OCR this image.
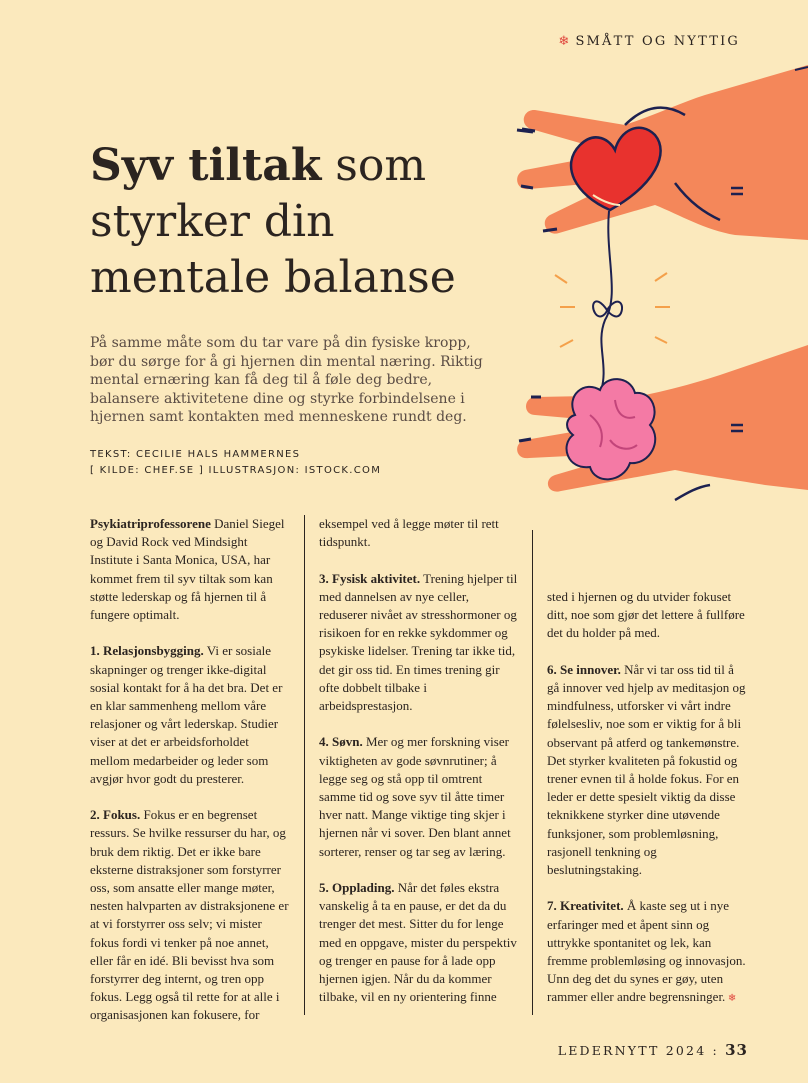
❄ SMÅTT OG NYTTIG
Syv tiltak som styrker din mentale balanse

På samme måte som du tar vare på din fysiske kropp, bør du sørge for å gi hjernen din mental næring. Riktig mental ernæring kan få deg til å føle deg bedre, balansere aktivitetene dine og styrke forbindelsene i hjernen samt kontakten med menneskene rundt deg.

TEKST: CECILIE HALS HAMMERNES
[ KILDE: CHEF.SE ] ILLUSTRASJON: ISTOCK.COM

Psykiatriprofessorene Daniel Siegel og David Rock ved Mindsight Institute i Santa Monica, USA, har kommet frem til syv tiltak som kan støtte lederskap og få hjernen til å fungere optimalt.

1. Relasjonsbygging. Vi er sosiale skapninger og trenger ikke-digital sosial kontakt for å ha det bra. Det er en klar sammenheng mellom våre relasjoner og vårt lederskap. Studier viser at det er arbeidsforholdet mellom medarbeider og leder som avgjør hvor godt du presterer.

2. Fokus. Fokus er en begrenset ressurs. Se hvilke ressurser du har, og bruk dem riktig. Det er ikke bare eksterne distraksjoner som forstyrrer oss, som ansatte eller mange møter, nesten halvparten av distraksjonene er at vi forstyrrer oss selv; vi mister fokus fordi vi tenker på noe annet, eller får en idé. Bli bevisst hva som forstyrrer deg internt, og tren opp fokus. Legg også til rette for at alle i organisasjonen kan fokusere, for

eksempel ved å legge møter til rett tidspunkt.

3. Fysisk aktivitet. Trening hjelper til med dannelsen av nye celler, reduserer nivået av stresshormoner og risikoen for en rekke sykdommer og psykiske lidelser. Trening tar ikke tid, det gir oss tid. En times trening gir ofte dobbelt tilbake i arbeidsprestasjon.

4. Søvn. Mer og mer forskning viser viktigheten av gode søvnrutiner; å legge seg og stå opp til omtrent samme tid og sove syv til åtte timer hver natt. Mange viktige ting skjer i hjernen når vi sover. Den blant annet sorterer, renser og tar seg av læring.

5. Opplading. Når det føles ekstra vanskelig å ta en pause, er det da du trenger det mest. Sitter du for lenge med en oppgave, mister du perspektiv og trenger en pause for å lade opp hjernen igjen. Når du da kommer tilbake, vil en ny orientering finne

sted i hjernen og du utvider fokuset ditt, noe som gjør det lettere å fullføre det du holder på med.

6. Se innover. Når vi tar oss tid til å gå innover ved hjelp av meditasjon og mindfulness, utforsker vi vårt indre følelsesliv, noe som er viktig for å bli observant på atferd og tankemønstre. Det styrker kvaliteten på fokustid og trener evnen til å holde fokus. For en leder er dette spesielt viktig da disse teknikkene styrker dine utøvende funksjoner, som problemløsning, rasjonell tenkning og beslutningstaking.

7. Kreativitet. Å kaste seg ut i nye erfaringer med et åpent sinn og uttrykke spontanitet og lek, kan fremme problemløsing og innovasjon. Unn deg det du synes er gøy, uten rammer eller andre begrensninger. ❄

LEDERNYTT 2024 : 33
